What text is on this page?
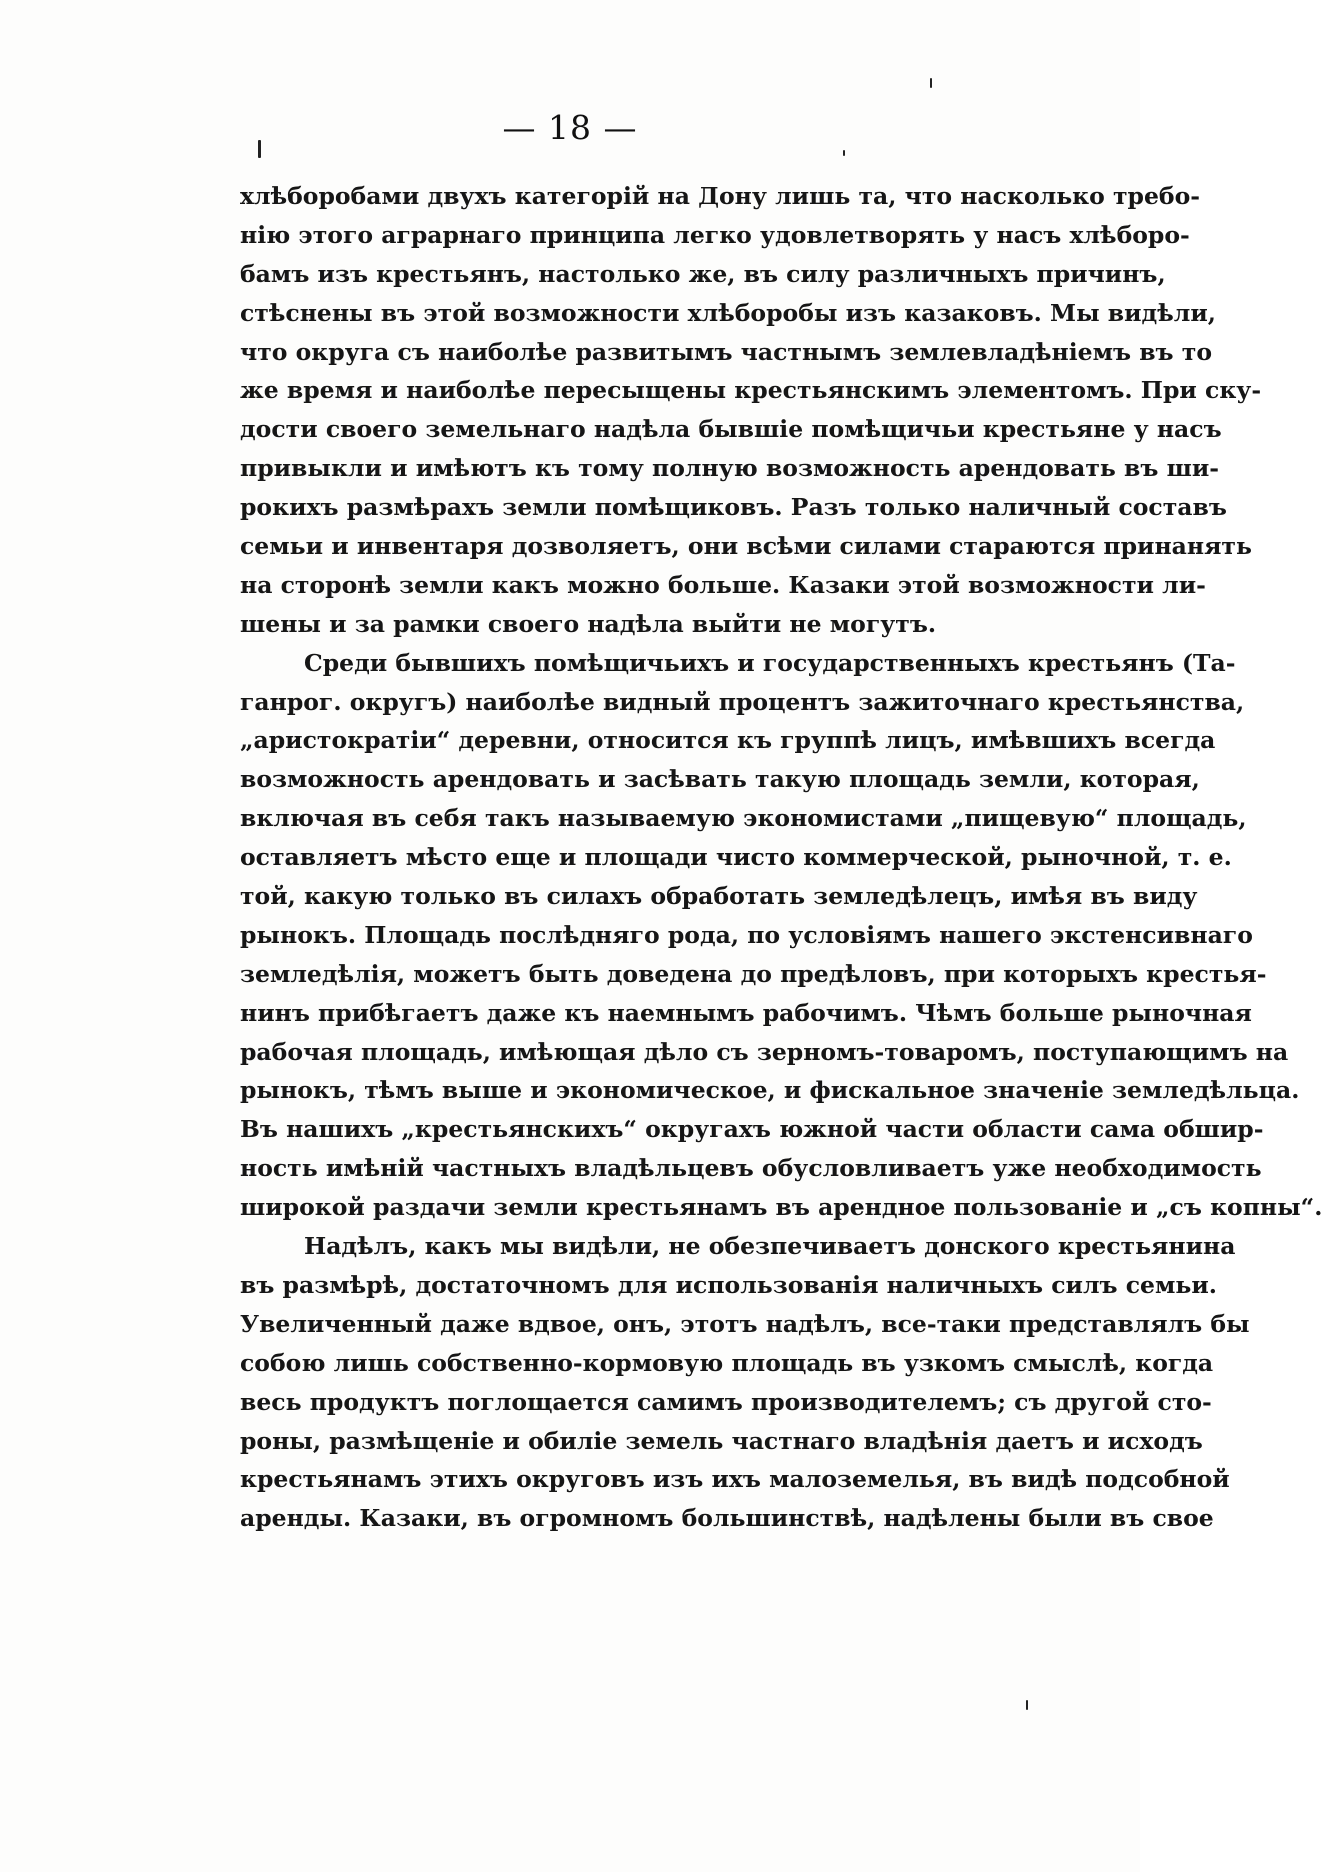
— 18 —
хлѣборобами двухъ категорій на Дону лишь та, что насколько требо-
нію этого аграрнаго принципа легко удовлетворять у насъ хлѣборо-
бамъ изъ крестьянъ, настолько же, въ силу различныхъ причинъ,
стѣснены въ этой возможности хлѣборобы изъ казаковъ. Мы видѣли,
что округа съ наиболѣе развитымъ частнымъ землевладѣніемъ въ то
же время и наиболѣе пересыщены крестьянскимъ элементомъ. При ску-
дости своего земельнаго надѣла бывшіе помѣщичьи крестьяне у насъ
привыкли и имѣютъ къ тому полную возможность арендовать въ ши-
рокихъ размѣрахъ земли помѣщиковъ. Разъ только наличный составъ
семьи и инвентаря дозволяетъ, они всѣми силами стараются принанять
на сторонѣ земли какъ можно больше. Казаки этой возможности ли-
шены и за рамки своего надѣла выйти не могутъ.
Среди бывшихъ помѣщичьихъ и государственныхъ крестьянъ (Та-
ганрог. округъ) наиболѣе видный процентъ зажиточнаго крестьянства,
„аристократіи“ деревни, относится къ группѣ лицъ, имѣвшихъ всегда
возможность арендовать и засѣвать такую площадь земли, которая,
включая въ себя такъ называемую экономистами „пищевую“ площадь,
оставляетъ мѣсто еще и площади чисто коммерческой, рыночной, т. е.
той, какую только въ силахъ обработать земледѣлецъ, имѣя въ виду
рынокъ. Площадь послѣдняго рода, по условіямъ нашего экстенсивнаго
земледѣлія, можетъ быть доведена до предѣловъ, при которыхъ крестья-
нинъ прибѣгаетъ даже къ наемнымъ рабочимъ. Чѣмъ больше рыночная
рабочая площадь, имѣющая дѣло съ зерномъ-товаромъ, поступающимъ на
рынокъ, тѣмъ выше и экономическое, и фискальное значеніе земледѣльца.
Въ нашихъ „крестьянскихъ“ округахъ южной части области сама обшир-
ность имѣній частныхъ владѣльцевъ обусловливаетъ уже необходимость
широкой раздачи земли крестьянамъ въ арендное пользованіе и „съ копны“.
Надѣлъ, какъ мы видѣли, не обезпечиваетъ донского крестьянина
въ размѣрѣ, достаточномъ для использованія наличныхъ силъ семьи.
Увеличенный даже вдвое, онъ, этотъ надѣлъ, все-таки представлялъ бы
собою лишь собственно-кормовую площадь въ узкомъ смыслѣ, когда
весь продуктъ поглощается самимъ производителемъ; съ другой сто-
роны, размѣщеніе и обиліе земель частнаго владѣнія даетъ и исходъ
крестьянамъ этихъ округовъ изъ ихъ малоземелья, въ видѣ подсобной
аренды. Казаки, въ огромномъ большинствѣ, надѣлены были въ свое
